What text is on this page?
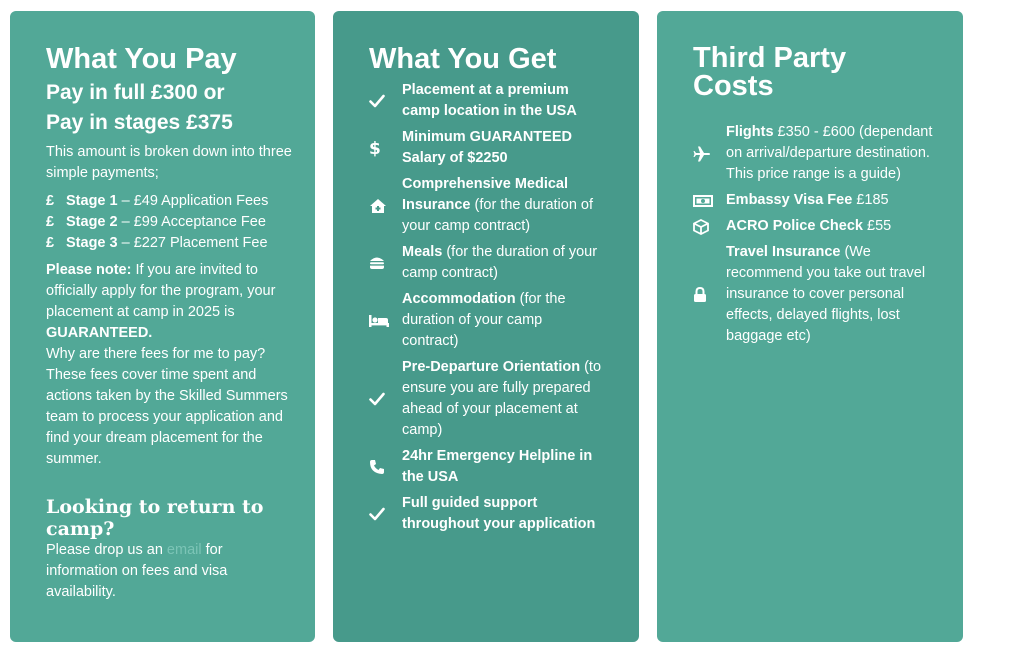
What You Pay
Pay in full £300 or
Pay in stages £375

This amount is broken down into three simple payments;

£ Stage 1 – £49 Application Fees
£ Stage 2 – £99 Acceptance Fee
£ Stage 3 – £227 Placement Fee

Please note: If you are invited to officially apply for the program, your placement at camp in 2025 is GUARANTEED.

Why are there fees for me to pay? These fees cover time spent and actions taken by the Skilled Summers team to process your application and find your dream placement for the summer.

Looking to return to camp?

Please drop us an email for information on fees and visa availability.

What You Get
Placement at a premium camp location in the USA
$
Minimum GUARANTEED Salary of $2250
Comprehensive Medical Insurance (for the duration of your camp contract)
Meals (for the duration of your camp contract)
Accommodation (for the duration of your camp contract)
Pre-Departure Orientation (to ensure you are fully prepared ahead of your placement at camp)
24hr Emergency Helpline in the USA
Full guided support throughout your application
Third Party Costs
Flights £350 - £600 (dependant on arrival/departure destination. This price range is a guide)
Embassy Visa Fee £185
ACRO Police Check £55
Travel Insurance (We recommend you take out travel insurance to cover personal effects, delayed flights, lost baggage etc)
